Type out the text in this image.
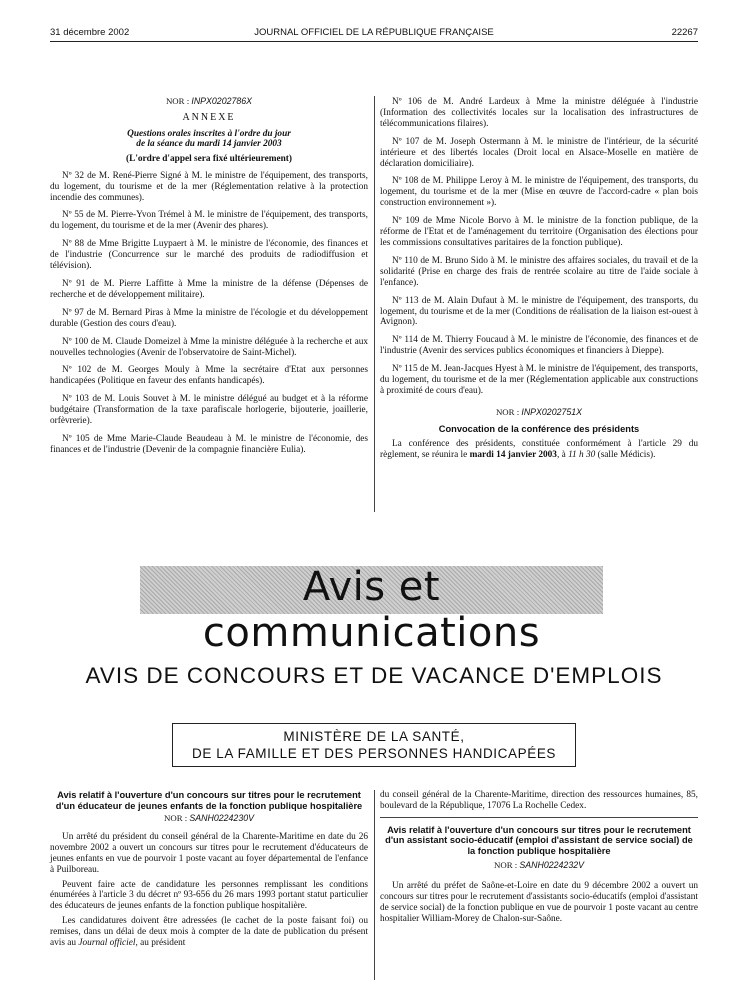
31 décembre 2002	JOURNAL OFFICIEL DE LA RÉPUBLIQUE FRANÇAISE	22267
NOR : INPX0202786X
ANNEXE
Questions orales inscrites à l'ordre du jour
de la séance du mardi 14 janvier 2003
(L'ordre d'appel sera fixé ultérieurement)

Nº 32 de M. René-Pierre Signé à M. le ministre de l'équipement, des transports, du logement, du tourisme et de la mer (Réglementation relative à la protection incendie des communes).

Nº 55 de M. Pierre-Yvon Trémel à M. le ministre de l'équipement, des transports, du logement, du tourisme et de la mer (Avenir des phares).

Nº 88 de Mme Brigitte Luypaert à M. le ministre de l'économie, des finances et de l'industrie (Concurrence sur le marché des produits de radiodiffusion et télévision).

Nº 91 de M. Pierre Laffitte à Mme la ministre de la défense (Dépenses de recherche et de développement militaire).

Nº 97 de M. Bernard Piras à Mme la ministre de l'écologie et du développement durable (Gestion des cours d'eau).

Nº 100 de M. Claude Domeizel à Mme la ministre déléguée à la recherche et aux nouvelles technologies (Avenir de l'observatoire de Saint-Michel).

Nº 102 de M. Georges Mouly à Mme la secrétaire d'Etat aux personnes handicapées (Politique en faveur des enfants handicapés).

Nº 103 de M. Louis Souvet à M. le ministre délégué au budget et à la réforme budgétaire (Transformation de la taxe parafiscale horlogerie, bijouterie, joaillerie, orfèvrerie).

Nº 105 de Mme Marie-Claude Beaudeau à M. le ministre de l'économie, des finances et de l'industrie (Devenir de la compagnie financière Eulia).

Nº 106 de M. André Lardeux à Mme la ministre déléguée à l'industrie (Information des collectivités locales sur la localisation des infrastructures de télécommunications filaires).

Nº 107 de M. Joseph Ostermann à M. le ministre de l'intérieur, de la sécurité intérieure et des libertés locales (Droit local en Alsace-Moselle en matière de déclaration domiciliaire).

Nº 108 de M. Philippe Leroy à M. le ministre de l'équipement, des transports, du logement, du tourisme et de la mer (Mise en œuvre de l'accord-cadre « plan bois construction environnement »).

Nº 109 de Mme Nicole Borvo à M. le ministre de la fonction publique, de la réforme de l'Etat et de l'aménagement du territoire (Organisation des élections pour les commissions consultatives paritaires de la fonction publique).

Nº 110 de M. Bruno Sido à M. le ministre des affaires sociales, du travail et de la solidarité (Prise en charge des frais de rentrée scolaire au titre de l'aide sociale à l'enfance).

Nº 113 de M. Alain Dufaut à M. le ministre de l'équipement, des transports, du logement, du tourisme et de la mer (Conditions de réalisation de la liaison est-ouest à Avignon).

Nº 114 de M. Thierry Foucaud à M. le ministre de l'économie, des finances et de l'industrie (Avenir des services publics économiques et financiers à Dieppe).

Nº 115 de M. Jean-Jacques Hyest à M. le ministre de l'équipement, des transports, du logement, du tourisme et de la mer (Réglementation applicable aux constructions à proximité de cours d'eau).

NOR : INPX0202751X
Convocation de la conférence des présidents

La conférence des présidents, constituée conformément à l'article 29 du règlement, se réunira le mardi 14 janvier 2003, à 11 h 30 (salle Médicis).

Avis et communications
AVIS DE CONCOURS ET DE VACANCE D'EMPLOIS
MINISTÈRE DE LA SANTÉ,
DE LA FAMILLE ET DES PERSONNES HANDICAPÉES
Avis relatif à l'ouverture d'un concours sur titres pour le recrutement d'un éducateur de jeunes enfants de la fonction publique hospitalière
NOR : SANH0224230V

Un arrêté du président du conseil général de la Charente-Maritime en date du 26 novembre 2002 a ouvert un concours sur titres pour le recrutement d'éducateurs de jeunes enfants en vue de pourvoir 1 poste vacant au foyer départemental de l'enfance à Puilboreau.

Peuvent faire acte de candidature les personnes remplissant les conditions énumérées à l'article 3 du décret nº 93-656 du 26 mars 1993 portant statut particulier des éducateurs de jeunes enfants de la fonction publique hospitalière.

Les candidatures doivent être adressées (le cachet de la poste faisant foi) ou remises, dans un délai de deux mois à compter de la date de publication du présent avis au Journal officiel, au président

du conseil général de la Charente-Maritime, direction des ressources humaines, 85, boulevard de la République, 17076 La Rochelle Cedex.

Avis relatif à l'ouverture d'un concours sur titres pour le recrutement d'un assistant socio-éducatif (emploi d'assistant de service social) de la fonction publique hospitalière
NOR : SANH0224232V

Un arrêté du préfet de Saône-et-Loire en date du 9 décembre 2002 a ouvert un concours sur titres pour le recrutement d'assistants socio-éducatifs (emploi d'assistant de service social) de la fonction publique en vue de pourvoir 1 poste vacant au centre hospitalier William-Morey de Chalon-sur-Saône.
